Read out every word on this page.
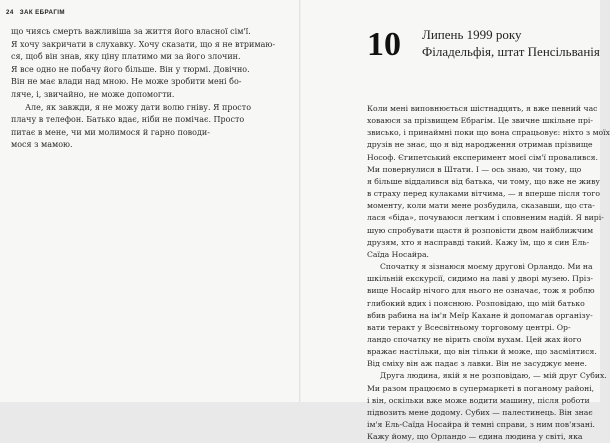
24 ЗАК ЕБРАГІМ
що чиясь смерть важливіша за життя його власної сім'ї.
Я хочу закричати в слухавку. Хочу сказати, що я не втримаю-
ся, щоб він знав, яку ціну платимо ми за його злочин.
Я все одно не побачу його більше. Він у тюрмі. Довічно.
Він не має влади над мною. Не може зробити мені бо-
ляче, і, звичайно, не може допомогти.
Але, як завжди, я не можу дати волю гніву. Я просто
плачу в телефон. Батько вдає, ніби не помічає. Просто
питає в мене, чи ми молимося й гарно поводи-
мося з мамою.
10 Липень 1999 року
Філадельфія, штат Пенсільванія
Коли мені виповнюється шістнадцять, я вже певний час
ховаюся за прізвищем Ебрагім. Це звичне шкільне прі-
звисько, і принаймні поки що вона спрацьовує: ніхто з моїх
друзів не знає, що я від народження отримав прізвище
Нософ. Єгипетський експеримент моєї сім'ї провалився.
Ми повернулися в Штати. І — ось знаю, чи тому, що
я більше віддалився від батька, чи тому, що вже не живу
в страху перед кулаками вітчима, — я вперше після того
моменту, коли мати мене розбудила, сказавши, що ста-
лася «біда», почуваюся легким і сповненим надій. Я вирі-
шую спробувати щастя й розповісти двом найближчим
друзям, хто я насправді такий. Кажу їм, що я син Ель-
Саїда Носайра.
Спочатку я зізнаюся моєму другові Орландо. Ми на
шкільній екскурсії, сидимо на лаві у дворі музею. Пріз-
вище Носайр нічого для нього не означає, тож я роблю
глибокий вдих і пояснюю. Розповідаю, що мій батько
вбив рабина на ім'я Меїр Кахане й допомагав організу-
вати теракт у Всесвітньому торговому центрі. Ор-
ландо спочатку не вірить своїм вухам. Цей жах його
вражає настільки, що він тільки й може, що засміятися.
Від сміху він аж падає з лавки. Він не засуджує мене.
Друга людина, якій я не розповідаю, — мій друг Субих.
Ми разом працюємо в супермаркеті в поганому районі,
і він, оскільки вже може водити машину, після роботи
підвозить мене додому. Субих — палестинець. Він знає
ім'я Ель-Саїда Носайра й темні справи, з ним пов'язані.
Кажу йому, що Орландо — єдина людина у світі, яка
